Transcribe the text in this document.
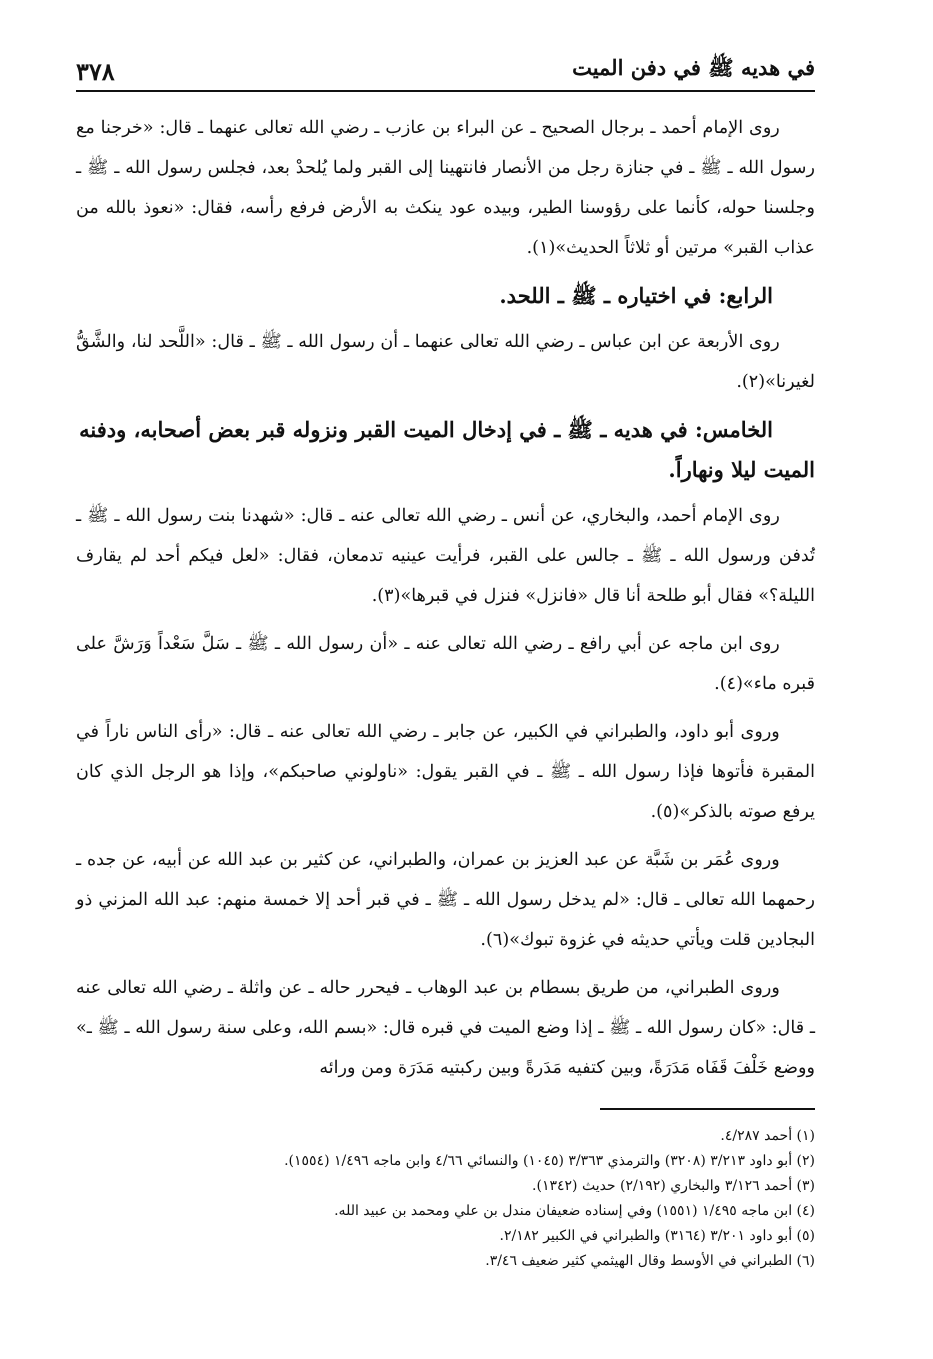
في هديه ﷺ في دفن الميت
٣٧٨

روى الإمام أحمد ـ برجال الصحيح ـ عن البراء بن عازب ـ رضي الله تعالى عنهما ـ قال: «خرجنا مع رسول الله ـ ﷺ ـ في جنازة رجل من الأنصار فانتهينا إلى القبر ولما يُلحدْ بعد، فجلس رسول الله ـ ﷺ ـ وجلسنا حوله، كأنما على رؤوسنا الطير، وبيده عود ينكث به الأرض فرفع رأسه، فقال: «نعوذ بالله من عذاب القبر» مرتين أو ثلاثاً الحديث»(١).

الرابع: في اختياره ـ ﷺ ـ اللحد.

روى الأربعة عن ابن عباس ـ رضي الله تعالى عنهما ـ أن رسول الله ـ ﷺ ـ قال: «اللَّحد لنا، والشَّقُّ لغيرنا»(٢).

الخامس: في هديه ـ ﷺ ـ في إدخال الميت القبر ونزوله قبر بعض أصحابه، ودفنه الميت ليلا ونهاراً.

روى الإمام أحمد، والبخاري، عن أنس ـ رضي الله تعالى عنه ـ قال: «شهدنا بنت رسول الله ـ ﷺ ـ تُدفن ورسول الله ـ ﷺ ـ جالس على القبر، فرأيت عينيه تدمعان، فقال: «لعل فيكم أحد لم يقارف الليلة؟» فقال أبو طلحة أنا قال «فانزل» فنزل في قبرها»(٣).

روى ابن ماجه عن أبي رافع ـ رضي الله تعالى عنه ـ «أن رسول الله ـ ﷺ ـ سَلَّ سَعْداً وَرَشَّ على قبره ماء»(٤).

وروى أبو داود، والطبراني في الكبير، عن جابر ـ رضي الله تعالى عنه ـ قال: «رأى الناس ناراً في المقبرة فأتوها فإذا رسول الله ـ ﷺ ـ في القبر يقول: «ناولوني صاحبكم»، وإذا هو الرجل الذي كان يرفع صوته بالذكر»(٥).

وروى عُمَر بن شَبَّة عن عبد العزيز بن عمران، والطبراني، عن كثير بن عبد الله عن أبيه، عن جده ـ رحمهما الله تعالى ـ قال: «لم يدخل رسول الله ـ ﷺ ـ في قبر أحد إلا خمسة منهم: عبد الله المزني ذو البجادين قلت ويأتي حديثه في غزوة تبوك»(٦).

وروى الطبراني، من طريق بسطام بن عبد الوهاب ـ فيحرر حاله ـ عن واثلة ـ رضي الله تعالى عنه ـ قال: «كان رسول الله ـ ﷺ ـ إذا وضع الميت في قبره قال: «بسم الله، وعلى سنة رسول الله ـ ﷺ ـ» ووضع خَلْفَ قَفَاه مَدَرَةً، وبين كتفيه مَدَرةً وبين ركبتيه مَدَرَة ومن ورائه

(١) أحمد ٤/٢٨٧.
(٢) أبو داود ٣/٢١٣ (٣٢٠٨) والترمذي ٣/٣٦٣ (١٠٤٥) والنسائي ٤/٦٦ وابن ماجه ١/٤٩٦ (١٥٥٤).
(٣) أحمد ٣/١٢٦ والبخاري (٢/١٩٢) حديث (١٣٤٢).
(٤) ابن ماجه ١/٤٩٥ (١٥٥١) وفي إسناده ضعيفان مندل بن علي ومحمد بن عبيد الله.
(٥) أبو داود ٣/٢٠١ (٣١٦٤) والطبراني في الكبير ٢/١٨٢.
(٦) الطبراني في الأوسط وقال الهيثمي كثير ضعيف ٣/٤٦.
